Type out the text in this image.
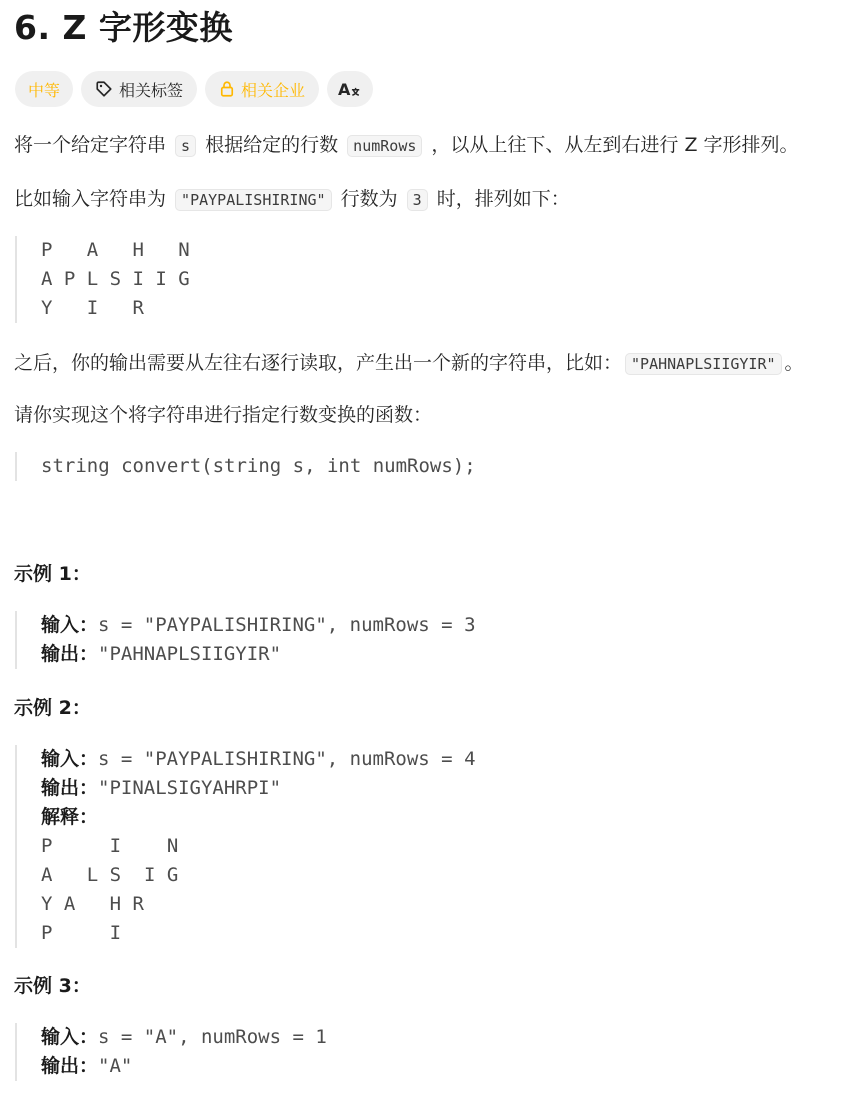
6. Z 字形变换
中等	相关标签	相关企业 A

将一个给定字符串 s 根据给定的行数 numRows ，以从上往下、从左到右进行 Z 字形排列。

比如输入字符串为 "PAYPALISHIRING" 行数为 3 时，排列如下：

P   A   H   N
A P L S I I G
Y   I   R

之后，你的输出需要从左往右逐行读取，产生出一个新的字符串，比如： "PAHNAPLSIIGYIR" 。

请你实现这个将字符串进行指定行数变换的函数：

string convert(string s, int numRows);
示例 1：
输入：s = "PAYPALISHIRING", numRows = 3
输出："PAHNAPLSIIGYIR"
示例 2：
输入：s = "PAYPALISHIRING", numRows = 4
输出："PINALSIGYAHRPI"
解释：
P     I    N
A   L S  I G
Y A   H R
P     I
示例 3：
输入：s = "A", numRows = 1
输出："A"
